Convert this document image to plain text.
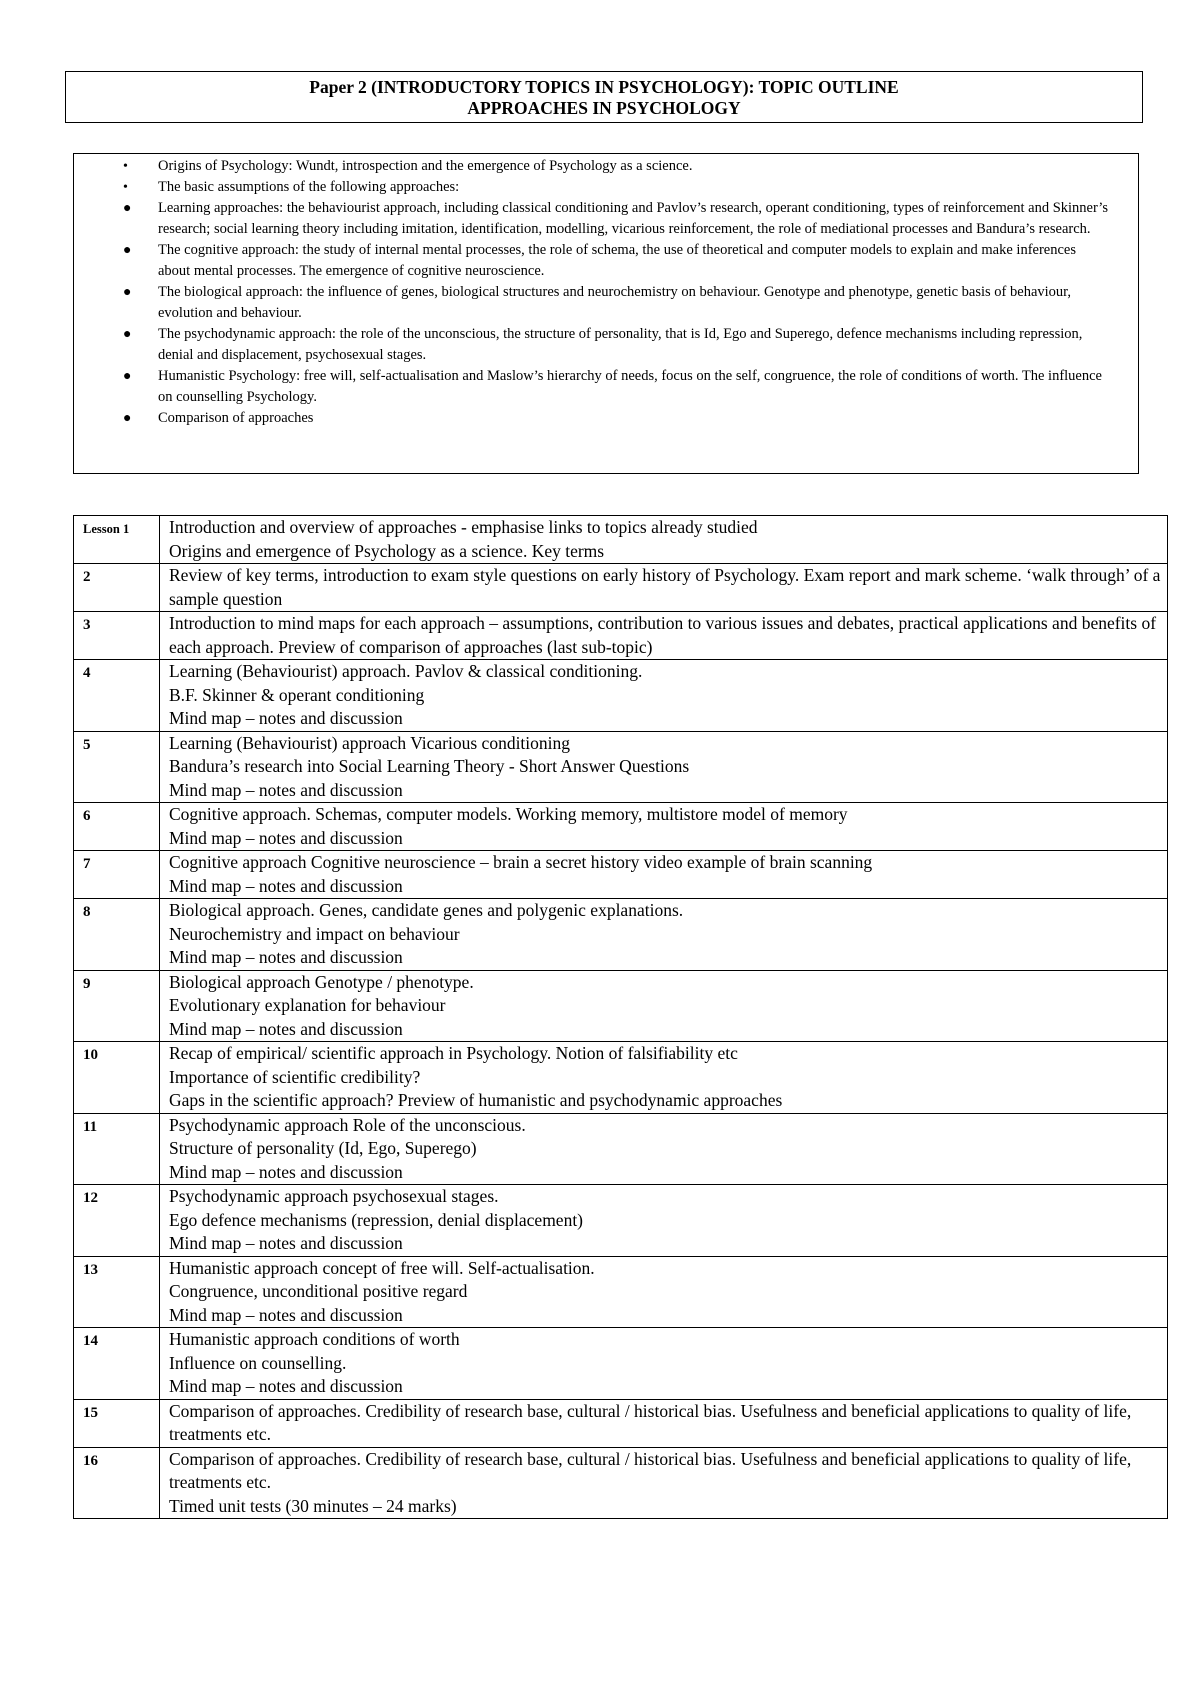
Paper 2 (INTRODUCTORY TOPICS IN PSYCHOLOGY): TOPIC OUTLINE
APPROACHES IN PSYCHOLOGY
• Origins of Psychology: Wundt, introspection and the emergence of Psychology as a science.
• The basic assumptions of the following approaches:
● Learning approaches: the behaviourist approach, including classical conditioning and Pavlov’s research, operant conditioning, types of reinforcement and Skinner’s research; social learning theory including imitation, identification, modelling, vicarious reinforcement, the role of mediational processes and Bandura’s research.
● The cognitive approach: the study of internal mental processes, the role of schema, the use of theoretical and computer models to explain and make inferences about mental processes. The emergence of cognitive neuroscience.
● The biological approach: the influence of genes, biological structures and neurochemistry on behaviour. Genotype and phenotype, genetic basis of behaviour, evolution and behaviour.
● The psychodynamic approach: the role of the unconscious, the structure of personality, that is Id, Ego and Superego, defence mechanisms including repression, denial and displacement, psychosexual stages.
● Humanistic Psychology: free will, self-actualisation and Maslow’s hierarchy of needs, focus on the self, congruence, the role of conditions of worth. The influence on counselling Psychology.
● Comparison of approaches
Lesson 1	Introduction and overview of approaches - emphasise links to topics already studied
Origins and emergence of Psychology as a science. Key terms

2	Review of key terms, introduction to exam style questions on early history of Psychology. Exam report and mark scheme. ‘walk through’ of a sample question

3	Introduction to mind maps for each approach – assumptions, contribution to various issues and debates, practical applications and benefits of each approach. Preview of comparison of approaches (last sub-topic)

4	Learning (Behaviourist) approach. Pavlov & classical conditioning.
B.F. Skinner & operant conditioning
Mind map – notes and discussion

5	Learning (Behaviourist) approach Vicarious conditioning
Bandura’s research into Social Learning Theory - Short Answer Questions
Mind map – notes and discussion

6	Cognitive approach. Schemas, computer models. Working memory, multistore model of memory
Mind map – notes and discussion

7	Cognitive approach Cognitive neuroscience – brain a secret history video example of brain scanning
Mind map – notes and discussion

8	Biological approach. Genes, candidate genes and polygenic explanations.
Neurochemistry and impact on behaviour
Mind map – notes and discussion

9	Biological approach Genotype / phenotype.
Evolutionary explanation for behaviour
Mind map – notes and discussion

10	Recap of empirical/ scientific approach in Psychology. Notion of falsifiability etc
Importance of scientific credibility?
Gaps in the scientific approach? Preview of humanistic and psychodynamic approaches

11	Psychodynamic approach Role of the unconscious.
Structure of personality (Id, Ego, Superego)
Mind map – notes and discussion

12	Psychodynamic approach psychosexual stages.
Ego defence mechanisms (repression, denial displacement)
Mind map – notes and discussion

13	Humanistic approach concept of free will. Self-actualisation.
Congruence, unconditional positive regard
Mind map – notes and discussion

14	Humanistic approach conditions of worth
Influence on counselling.
Mind map – notes and discussion

15	Comparison of approaches. Credibility of research base, cultural / historical bias. Usefulness and beneficial applications to quality of life, treatments etc.

16	Comparison of approaches. Credibility of research base, cultural / historical bias. Usefulness and beneficial applications to quality of life, treatments etc.
Timed unit tests (30 minutes – 24 marks)
